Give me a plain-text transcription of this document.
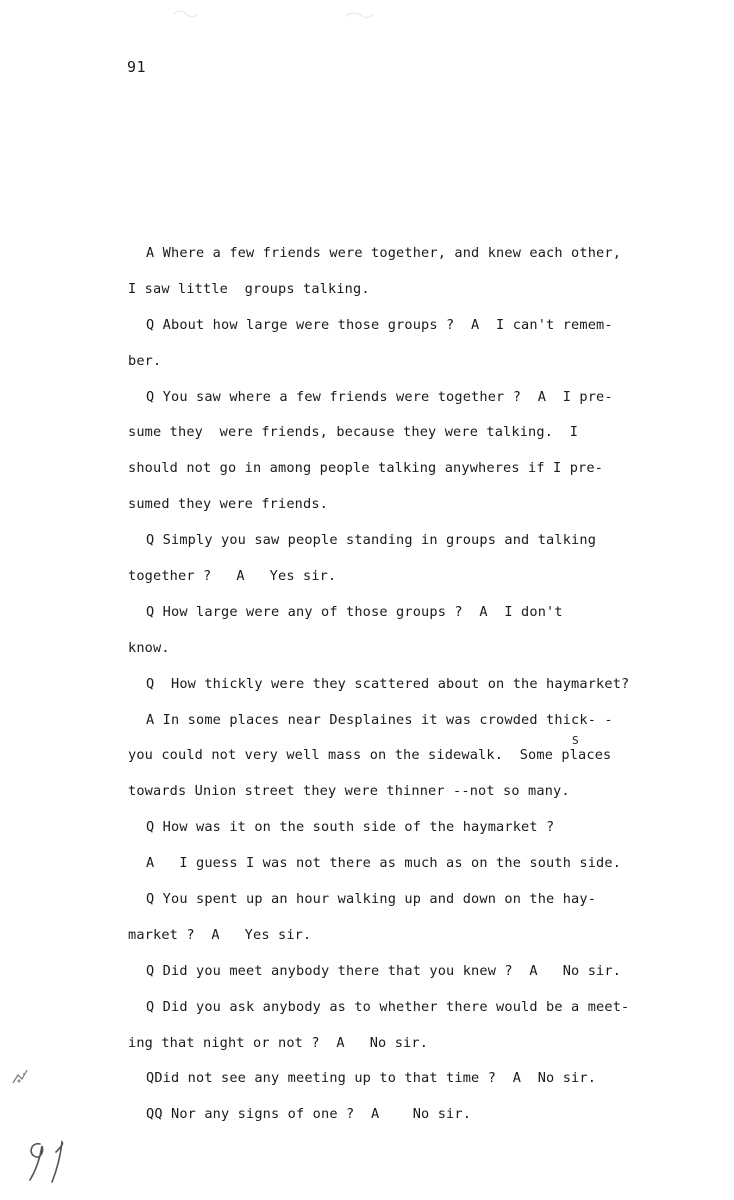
91
A Where a few friends were together, and knew each other,
I saw little  groups talking.
Q About how large were those groups ?  A  I can't remem-
ber.
Q You saw where a few friends were together ?  A  I pre-
sume they  were friends, because they were talking.  I
should not go in among people talking anywheres if I pre-
sumed they were friends.
Q Simply you saw people standing in groups and talking
together ?   A   Yes sir.
Q How large were any of those groups ?  A  I don't
know.
Q  How thickly were they scattered about on the haymarket?
A In some places near Desplaines it was crowded thick- -
you could not very well mass on the sidewalk.  Some places
towards Union street they were thinner --not so many.
Q How was it on the south side of the haymarket ?
A   I guess I was not there as much as on the south side.
Q You spent up an hour walking up and down on the hay-
market ?  A   Yes sir.
Q Did you meet anybody there that you knew ?  A   No sir.
Q Did you ask anybody as to whether there would be a meet-
ing that night or not ?  A   No sir.
QDid not see any meeting up to that time ?  A  No sir.
QQ Nor any signs of one ?  A    No sir.
S
